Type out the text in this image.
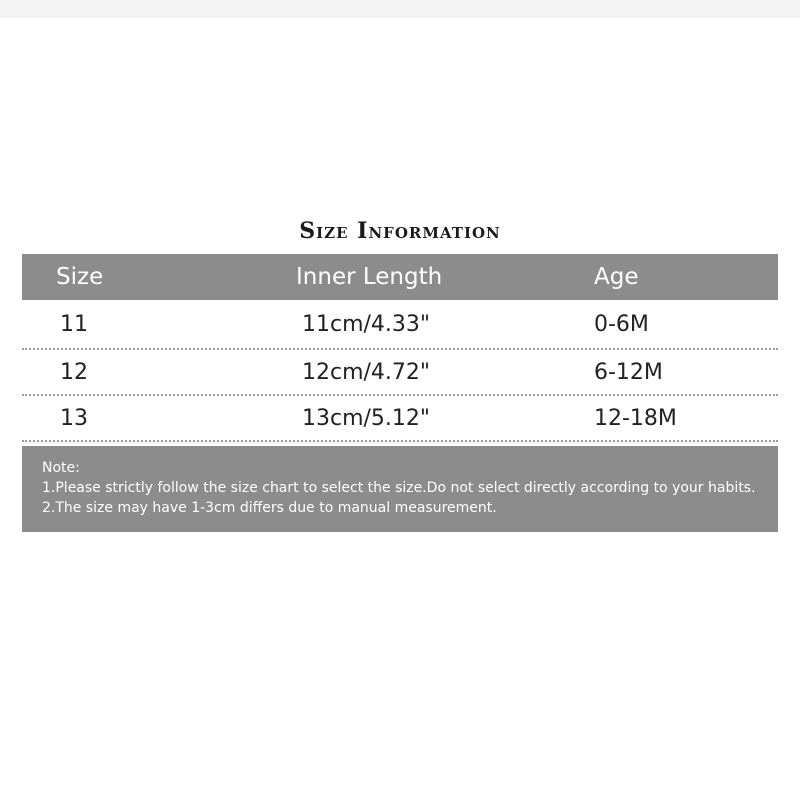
Size Information
Size	Inner Length	Age
11	11cm/4.33"	0-6M
12	12cm/4.72"	6-12M
13	13cm/5.12"	12-18M
Note:
1.Please strictly follow the size chart to select the size.Do not select directly according to your habits.
2.The size may have 1-3cm differs due to manual measurement.
